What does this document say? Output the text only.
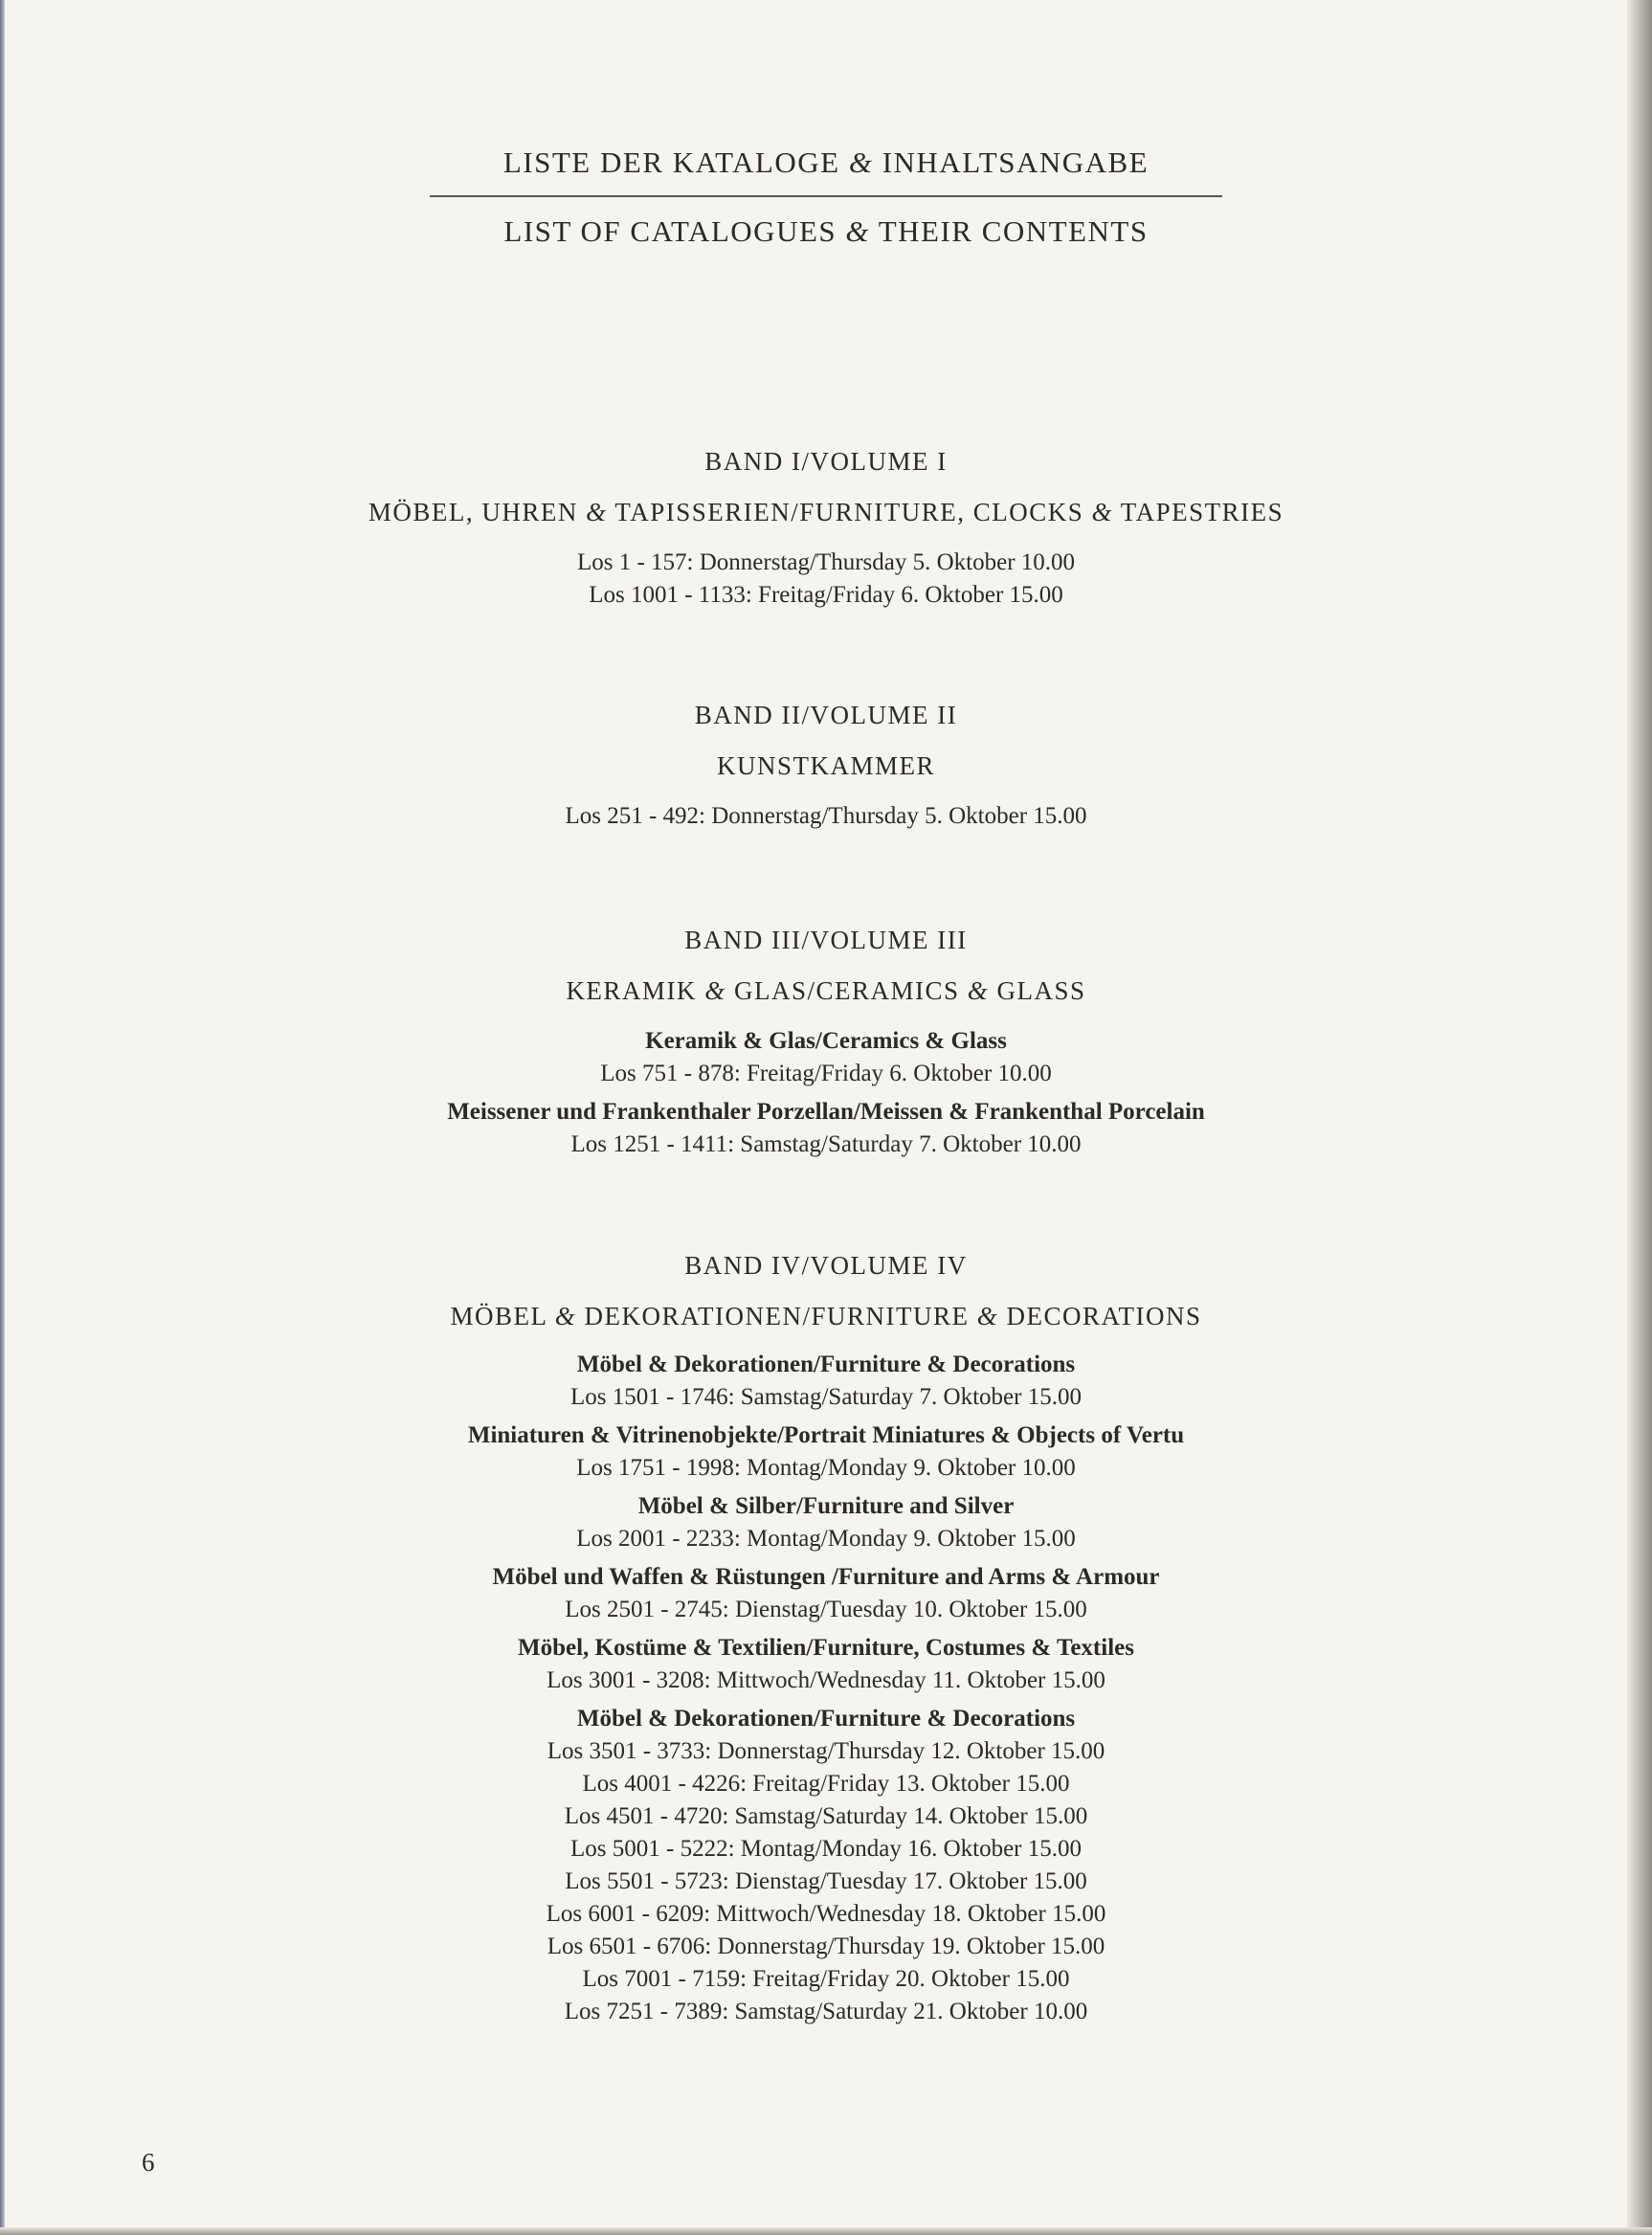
LISTE DER KATALOGE & INHALTSANGABE
LIST OF CATALOGUES & THEIR CONTENTS
BAND I/VOLUME I
MÖBEL, UHREN & TAPISSERIEN/FURNITURE, CLOCKS & TAPESTRIES
Los 1 - 157: Donnerstag/Thursday 5. Oktober 10.00
Los 1001 - 1133: Freitag/Friday 6. Oktober 15.00
BAND II/VOLUME II
KUNSTKAMMER
Los 251 - 492: Donnerstag/Thursday 5. Oktober 15.00
BAND III/VOLUME III
KERAMIK & GLAS/CERAMICS & GLASS
Keramik & Glas/Ceramics & Glass
Los 751 - 878: Freitag/Friday 6. Oktober 10.00
Meissener und Frankenthaler Porzellan/Meissen & Frankenthal Porcelain
Los 1251 - 1411: Samstag/Saturday 7. Oktober 10.00
BAND IV/VOLUME IV
MÖBEL & DEKORATIONEN/FURNITURE & DECORATIONS
Möbel & Dekorationen/Furniture & Decorations
Los 1501 - 1746: Samstag/Saturday 7. Oktober 15.00
Miniaturen & Vitrinenobjekte/Portrait Miniatures & Objects of Vertu
Los 1751 - 1998: Montag/Monday 9. Oktober 10.00
Möbel & Silber/Furniture and Silver
Los 2001 - 2233: Montag/Monday 9. Oktober 15.00
Möbel und Waffen & Rüstungen /Furniture and Arms & Armour
Los 2501 - 2745: Dienstag/Tuesday 10. Oktober 15.00
Möbel, Kostüme & Textilien/Furniture, Costumes & Textiles
Los 3001 - 3208: Mittwoch/Wednesday 11. Oktober 15.00
Möbel & Dekorationen/Furniture & Decorations
Los 3501 - 3733: Donnerstag/Thursday 12. Oktober 15.00
Los 4001 - 4226: Freitag/Friday 13. Oktober 15.00
Los 4501 - 4720: Samstag/Saturday 14. Oktober 15.00
Los 5001 - 5222: Montag/Monday 16. Oktober 15.00
Los 5501 - 5723: Dienstag/Tuesday 17. Oktober 15.00
Los 6001 - 6209: Mittwoch/Wednesday 18. Oktober 15.00
Los 6501 - 6706: Donnerstag/Thursday 19. Oktober 15.00
Los 7001 - 7159: Freitag/Friday 20. Oktober 15.00
Los 7251 - 7389: Samstag/Saturday 21. Oktober 10.00
6
